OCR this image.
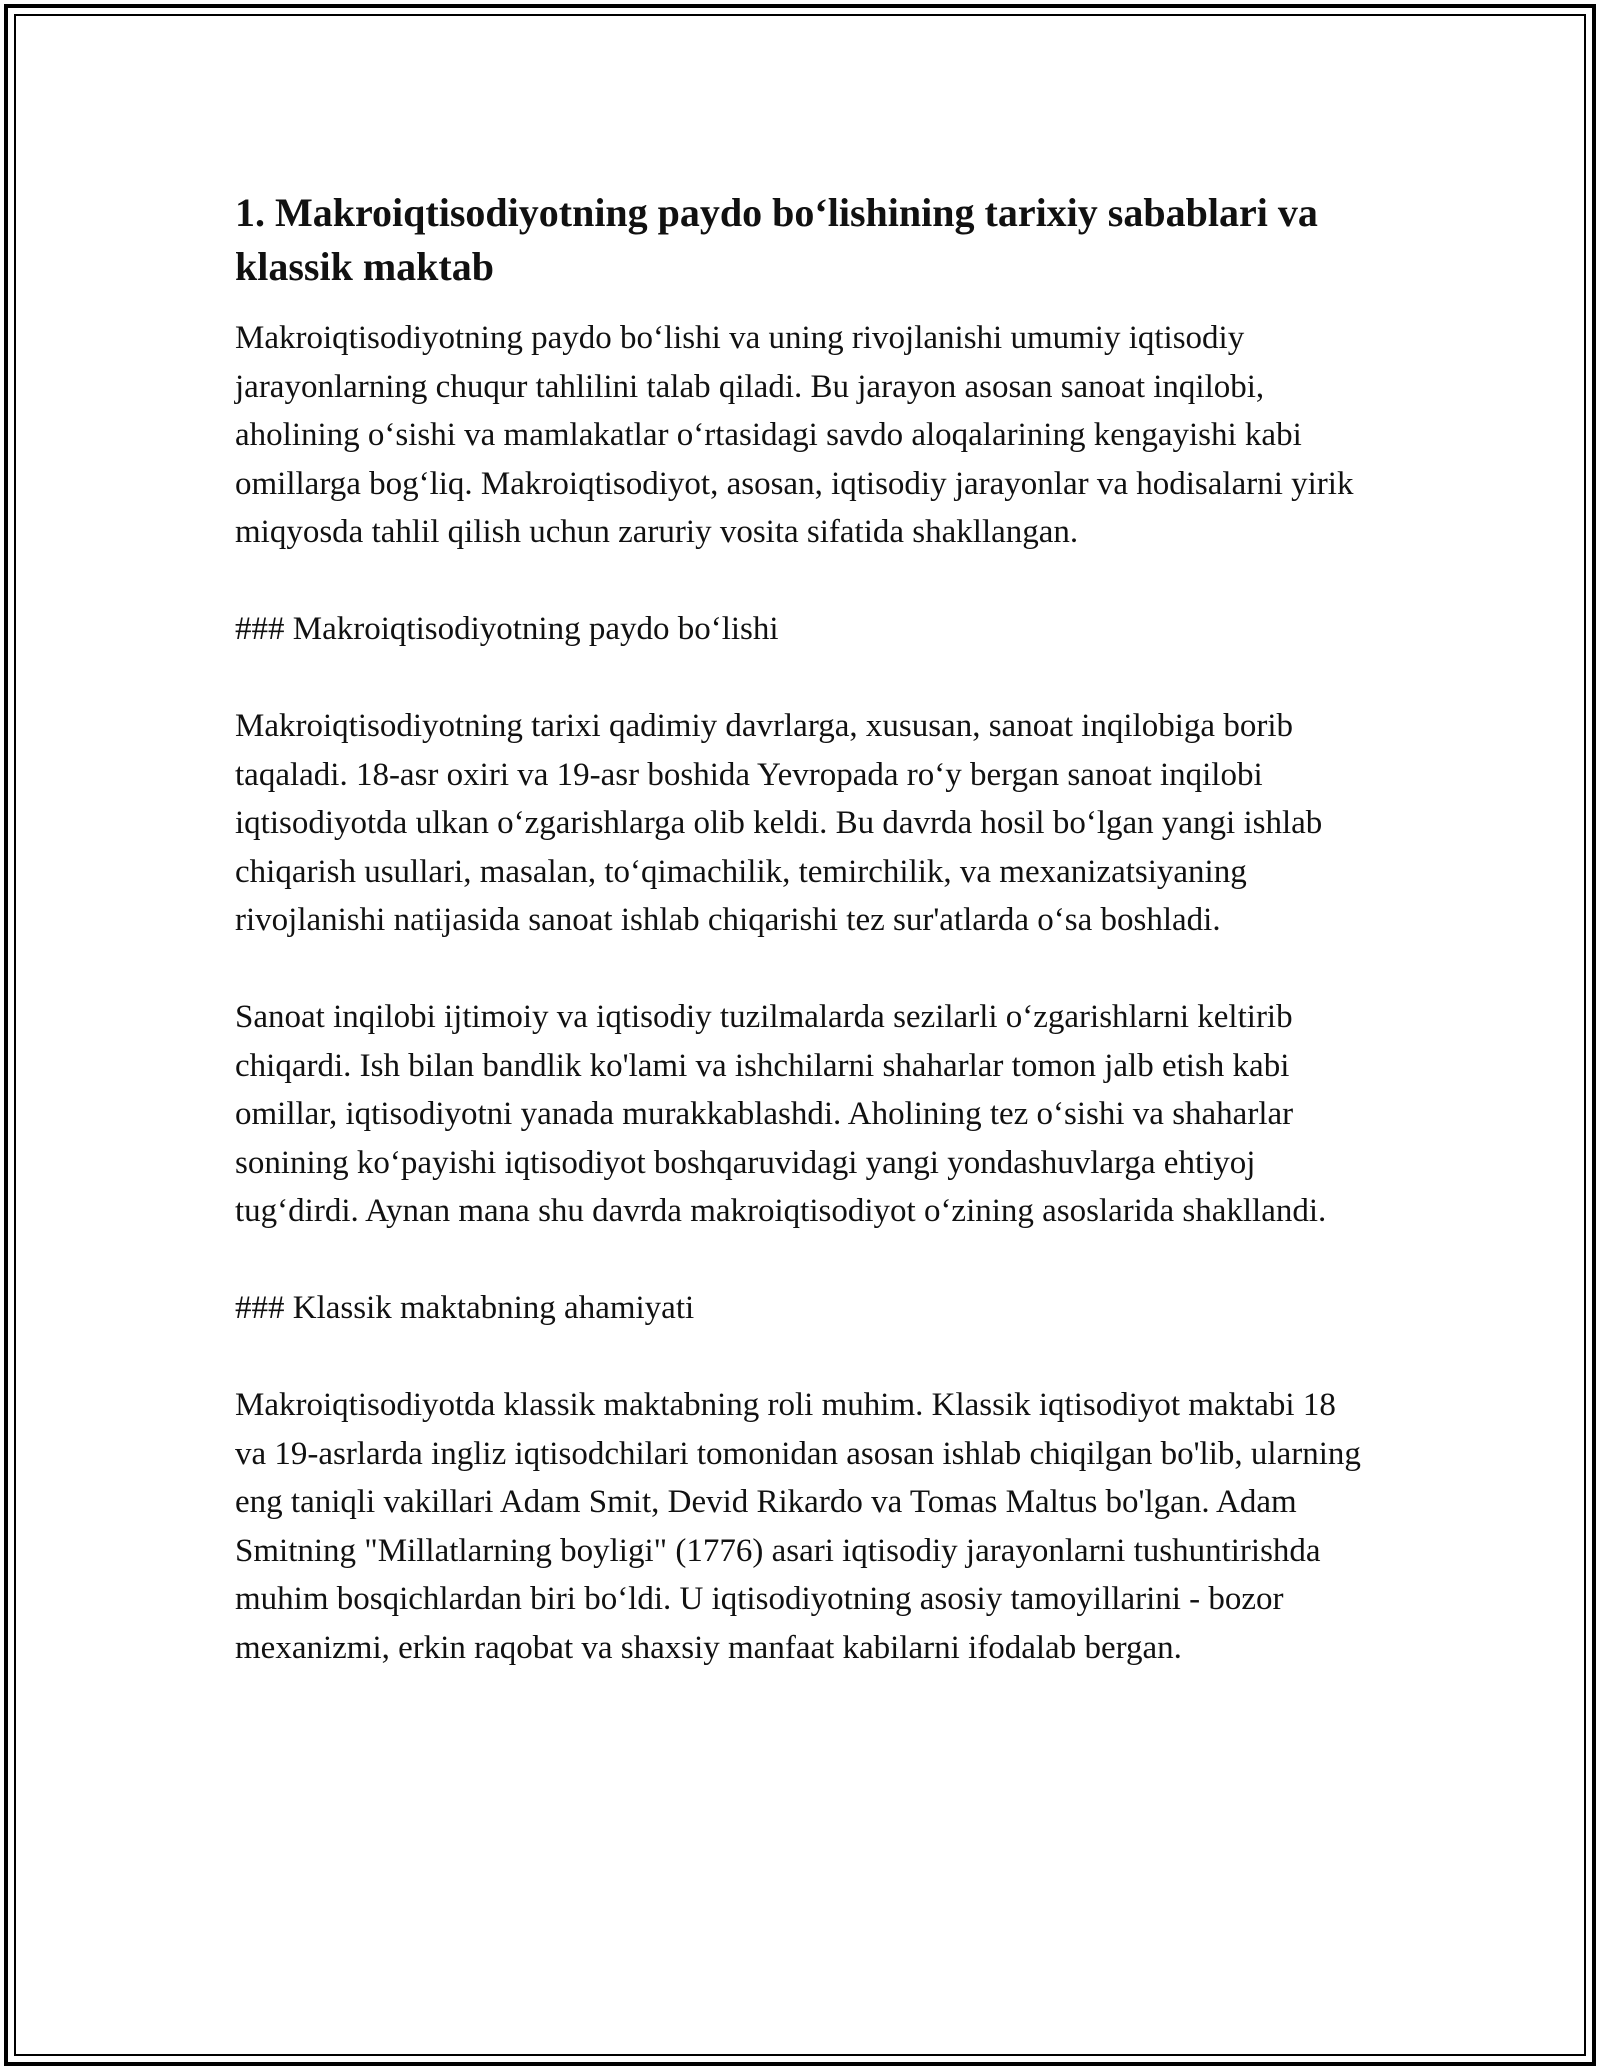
1. Makroiqtisodiyotning paydo bo‘lishining tarixiy sabablari va klassik maktab

Makroiqtisodiyotning paydo bo‘lishi va uning rivojlanishi umumiy iqtisodiy jarayonlarning chuqur tahlilini talab qiladi. Bu jarayon asosan sanoat inqilobi, aholining o‘sishi va mamlakatlar o‘rtasidagi savdo aloqalarining kengayishi kabi omillarga bog‘liq. Makroiqtisodiyot, asosan, iqtisodiy jarayonlar va hodisalarni yirik miqyosda tahlil qilish uchun zaruriy vosita sifatida shakllangan.

### Makroiqtisodiyotning paydo bo‘lishi

Makroiqtisodiyotning tarixi qadimiy davrlarga, xususan, sanoat inqilobiga borib taqaladi. 18-asr oxiri va 19-asr boshida Yevropada ro‘y bergan sanoat inqilobi iqtisodiyotda ulkan o‘zgarishlarga olib keldi. Bu davrda hosil bo‘lgan yangi ishlab chiqarish usullari, masalan, to‘qimachilik, temirchilik, va mexanizatsiyaning rivojlanishi natijasida sanoat ishlab chiqarishi tez sur'atlarda o‘sa boshladi.

Sanoat inqilobi ijtimoiy va iqtisodiy tuzilmalarda sezilarli o‘zgarishlarni keltirib chiqardi. Ish bilan bandlik ko'lami va ishchilarni shaharlar tomon jalb etish kabi omillar, iqtisodiyotni yanada murakkablashdi. Aholining tez o‘sishi va shaharlar sonining ko‘payishi iqtisodiyot boshqaruvidagi yangi yondashuvlarga ehtiyoj tug‘dirdi. Aynan mana shu davrda makroiqtisodiyot o‘zining asoslarida shakllandi.

### Klassik maktabning ahamiyati

Makroiqtisodiyotda klassik maktabning roli muhim. Klassik iqtisodiyot maktabi 18 va 19-asrlarda ingliz iqtisodchilari tomonidan asosan ishlab chiqilgan bo'lib, ularning eng taniqli vakillari Adam Smit, Devid Rikardo va Tomas Maltus bo'lgan. Adam Smitning "Millatlarning boyligi" (1776) asari iqtisodiy jarayonlarni tushuntirishda muhim bosqichlardan biri bo‘ldi. U iqtisodiyotning asosiy tamoyillarini - bozor mexanizmi, erkin raqobat va shaxsiy manfaat kabilarni ifodalab bergan.
